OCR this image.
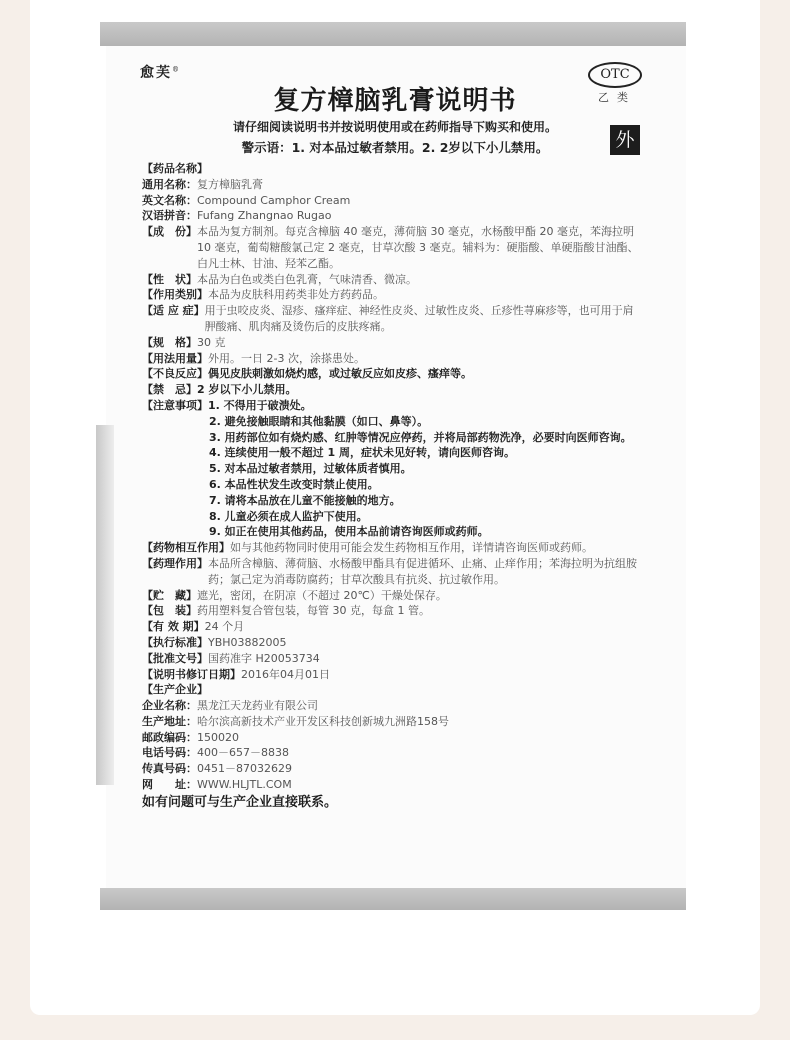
愈芙®
复方樟脑乳膏说明书
OTC
乙类
外
请仔细阅读说明书并按说明使用或在药师指导下购买和使用。
警示语：1. 对本品过敏者禁用。2. 2岁以下小儿禁用。
【药品名称】
通用名称： 复方樟脑乳膏
英文名称： Compound Camphor Cream
汉语拼音： Fufang Zhangnao Rugao
【成　份】 本品为复方制剂。每克含樟脑 40 毫克，薄荷脑 30 毫克，水杨酸甲酯 20 毫克，苯海拉明 10 毫克，葡萄糖酸氯己定 2 毫克，甘草次酸 3 毫克。辅料为：硬脂酸、单硬脂酸甘油酯、白凡士林、甘油、羟苯乙酯。
【性　状】 本品为白色或类白色乳膏，气味清香、微凉。
【作用类别】 本品为皮肤科用药类非处方药药品。
【适 应 症】 用于虫咬皮炎、湿疹、瘙痒症、神经性皮炎、过敏性皮炎、丘疹性荨麻疹等，也可用于肩胛酸痛、肌肉痛及烫伤后的皮肤疼痛。
【规　格】 30 克
【用法用量】 外用。一日 2-3 次，涂搽患处。
【不良反应】 偶见皮肤刺激如烧灼感，或过敏反应如皮疹、瘙痒等。
【禁　忌】 2 岁以下小儿禁用。
【注意事项】 1. 不得用于破溃处。
2. 避免接触眼睛和其他黏膜（如口、鼻等）。
3. 用药部位如有烧灼感、红肿等情况应停药，并将局部药物洗净，必要时向医师咨询。
4. 连续使用一般不超过 1 周，症状未见好转，请向医师咨询。
5. 对本品过敏者禁用，过敏体质者慎用。
6. 本品性状发生改变时禁止使用。
7. 请将本品放在儿童不能接触的地方。
8. 儿童必须在成人监护下使用。
9. 如正在使用其他药品，使用本品前请咨询医师或药师。
【药物相互作用】 如与其他药物同时使用可能会发生药物相互作用，详情请咨询医师或药师。
【药理作用】 本品所含樟脑、薄荷脑、水杨酸甲酯具有促进循环、止痛、止痒作用；苯海拉明为抗组胺药；氯己定为消毒防腐药；甘草次酸具有抗炎、抗过敏作用。
【贮　藏】 遮光，密闭，在阴凉（不超过 20℃）干燥处保存。
【包　装】 药用塑料复合管包装，每管 30 克，每盒 1 管。
【有 效 期】 24 个月
【执行标准】 YBH03882005
【批准文号】 国药准字 H20053734
【说明书修订日期】 2016年04月01日
【生产企业】
企业名称： 黑龙江天龙药业有限公司
生产地址： 哈尔滨高新技术产业开发区科技创新城九洲路158号
邮政编码： 150020
电话号码： 400－657－8838
传真号码： 0451－87032629
网　　址： WWW.HLJTL.COM
如有问题可与生产企业直接联系。
